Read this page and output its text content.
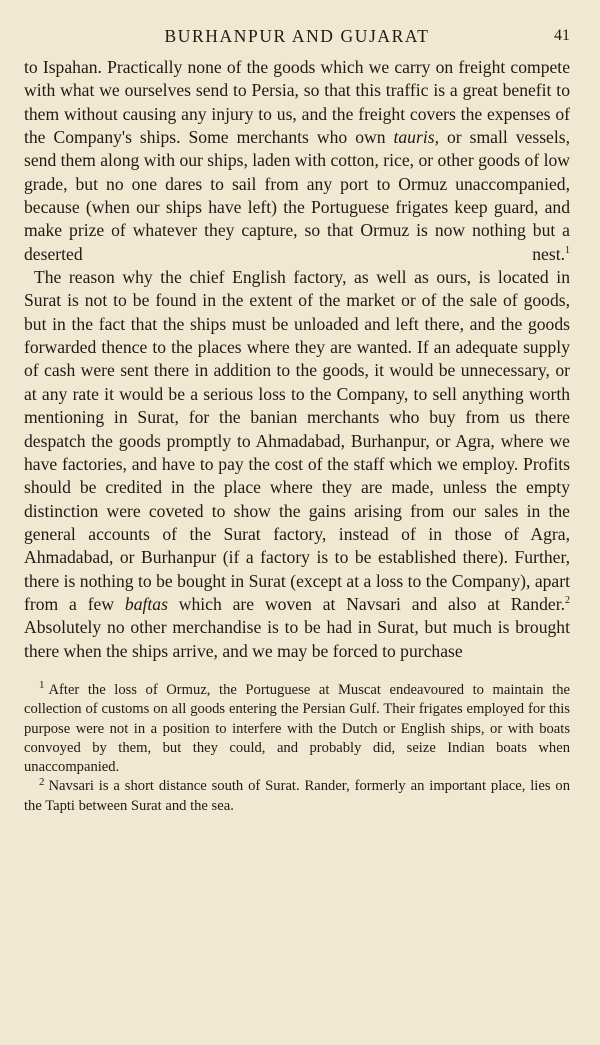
BURHANPUR AND GUJARAT	41

to Ispahan. Practically none of the goods which we carry on freight compete with what we ourselves send to Persia, so that this traffic is a great benefit to them without causing any injury to us, and the freight covers the expenses of the Company's ships. Some merchants who own tauris, or small vessels, send them along with our ships, laden with cotton, rice, or other goods of low grade, but no one dares to sail from any port to Ormuz unaccompanied, because (when our ships have left) the Portuguese frigates keep guard, and make prize of whatever they capture, so that Ormuz is now nothing but a deserted nest.$^1$

The reason why the chief English factory, as well as ours, is located in Surat is not to be found in the extent of the market or of the sale of goods, but in the fact that the ships must be unloaded and left there, and the goods forwarded thence to the places where they are wanted. If an adequate supply of cash were sent there in addition to the goods, it would be unnecessary, or at any rate it would be a serious loss to the Company, to sell anything worth mentioning in Surat, for the banian merchants who buy from us there despatch the goods promptly to Ahmadabad, Burhanpur, or Agra, where we have factories, and have to pay the cost of the staff which we employ. Profits should be credited in the place where they are made, unless the empty distinction were coveted to show the gains arising from our sales in the general accounts of the Surat factory, instead of in those of Agra, Ahmadabad, or Burhanpur (if a factory is to be established there). Further, there is nothing to be bought in Surat (except at a loss to the Company), apart from a few baftas which are woven at Navsari and also at Rander.$^2$ Absolutely no other merchandise is to be had in Surat, but much is brought there when the ships arrive, and we may be forced to purchase

$^1$ After the loss of Ormuz, the Portuguese at Muscat endeavoured to maintain the collection of customs on all goods entering the Persian Gulf. Their frigates employed for this purpose were not in a position to interfere with the Dutch or English ships, or with boats convoyed by them, but they could, and probably did, seize Indian boats when unaccompanied.

$^2$ Navsari is a short distance south of Surat. Rander, formerly an important place, lies on the Tapti between Surat and the sea.
